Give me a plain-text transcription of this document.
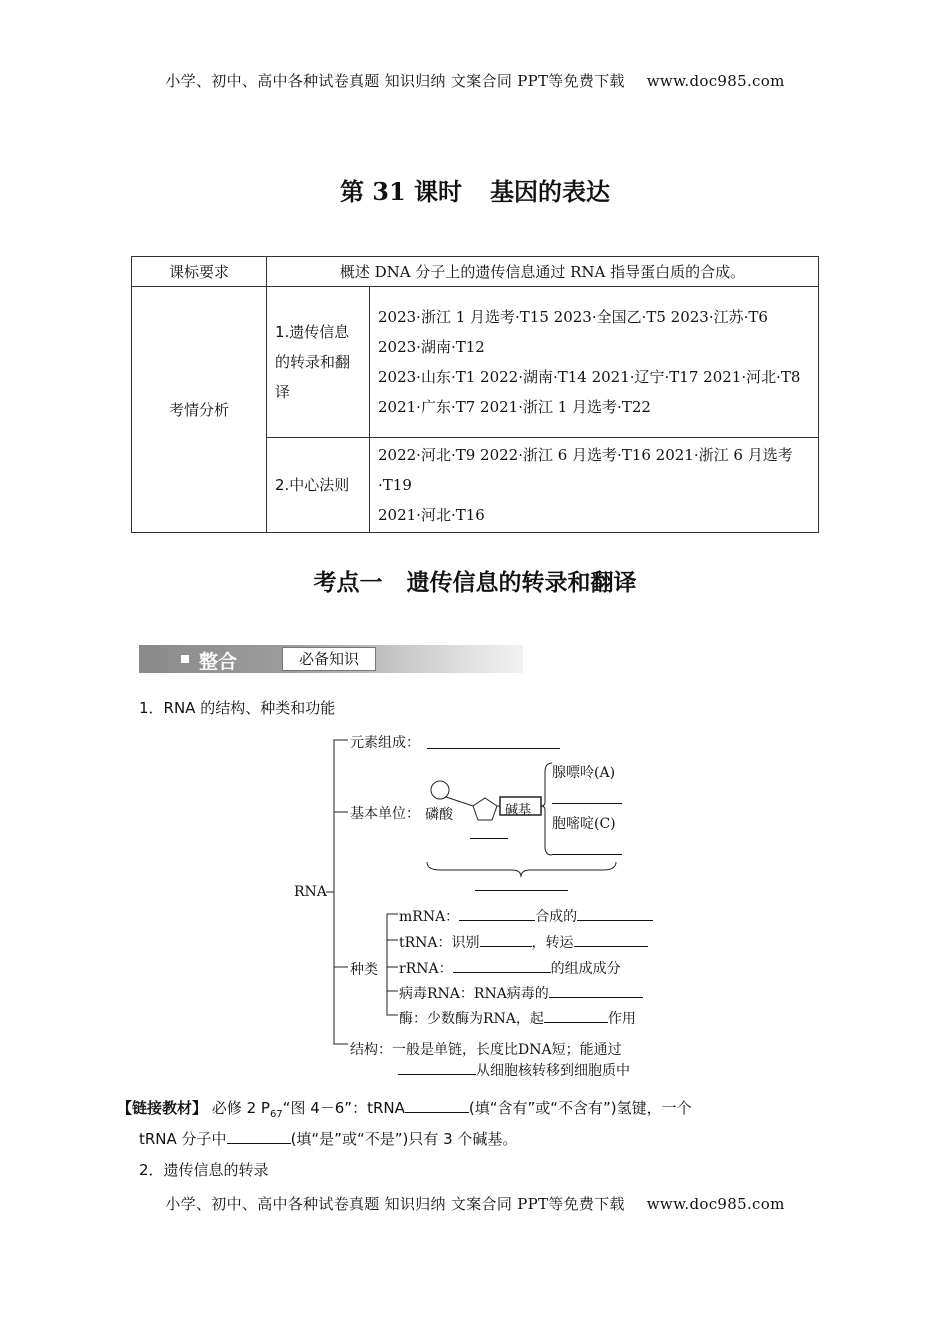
小学、初中、高中各种试卷真题 知识归纳 文案合同 PPT等免费下载 www.doc985.com
第 31 课时 基因的表达
课标要求	概述 DNA 分子上的遗传信息通过 RNA 指导蛋白质的合成。	
考情分析	1.遗传信息的转录和翻译	2023·浙江 1 月选考·T15 2023·全国乙·T5 2023·江苏·T6
2023·湖南·T12
2023·山东·T1 2022·湖南·T14 2021·辽宁·T17 2021·河北·T8
2021·广东·T7 2021·浙江 1 月选考·T22

	2.中心法则	2022·河北·T9 2022·浙江 6 月选考·T16 2021·浙江 6 月选考·T19
2021·河北·T16
考点一 遗传信息的转录和翻译
整合	必备知识
1．RNA 的结构、种类和功能
元素组成：
基本单位： 磷酸	碱基
腺嘌呤(A)
胞嘧啶(C)
RNA
种类
mRNA：	合成的
tRNA：识别	，转运
rRNA：	的组成成分
病毒RNA：RNA病毒的
酶：少数酶为RNA，起	作用
结构：一般是单链，长度比DNA短；能通过
从细胞核转移到细胞质中
【链接教材】 必修 2 $P_{67}“$图 4－6”：tRNA	(填“含有”或“不含有”)氢键，一个
tRNA 分子中	(填“是”或“不是”)只有 3 个碱基。
2．遗传信息的转录
小学、初中、高中各种试卷真题 知识归纳 文案合同 PPT等免费下载 www.doc985.com
